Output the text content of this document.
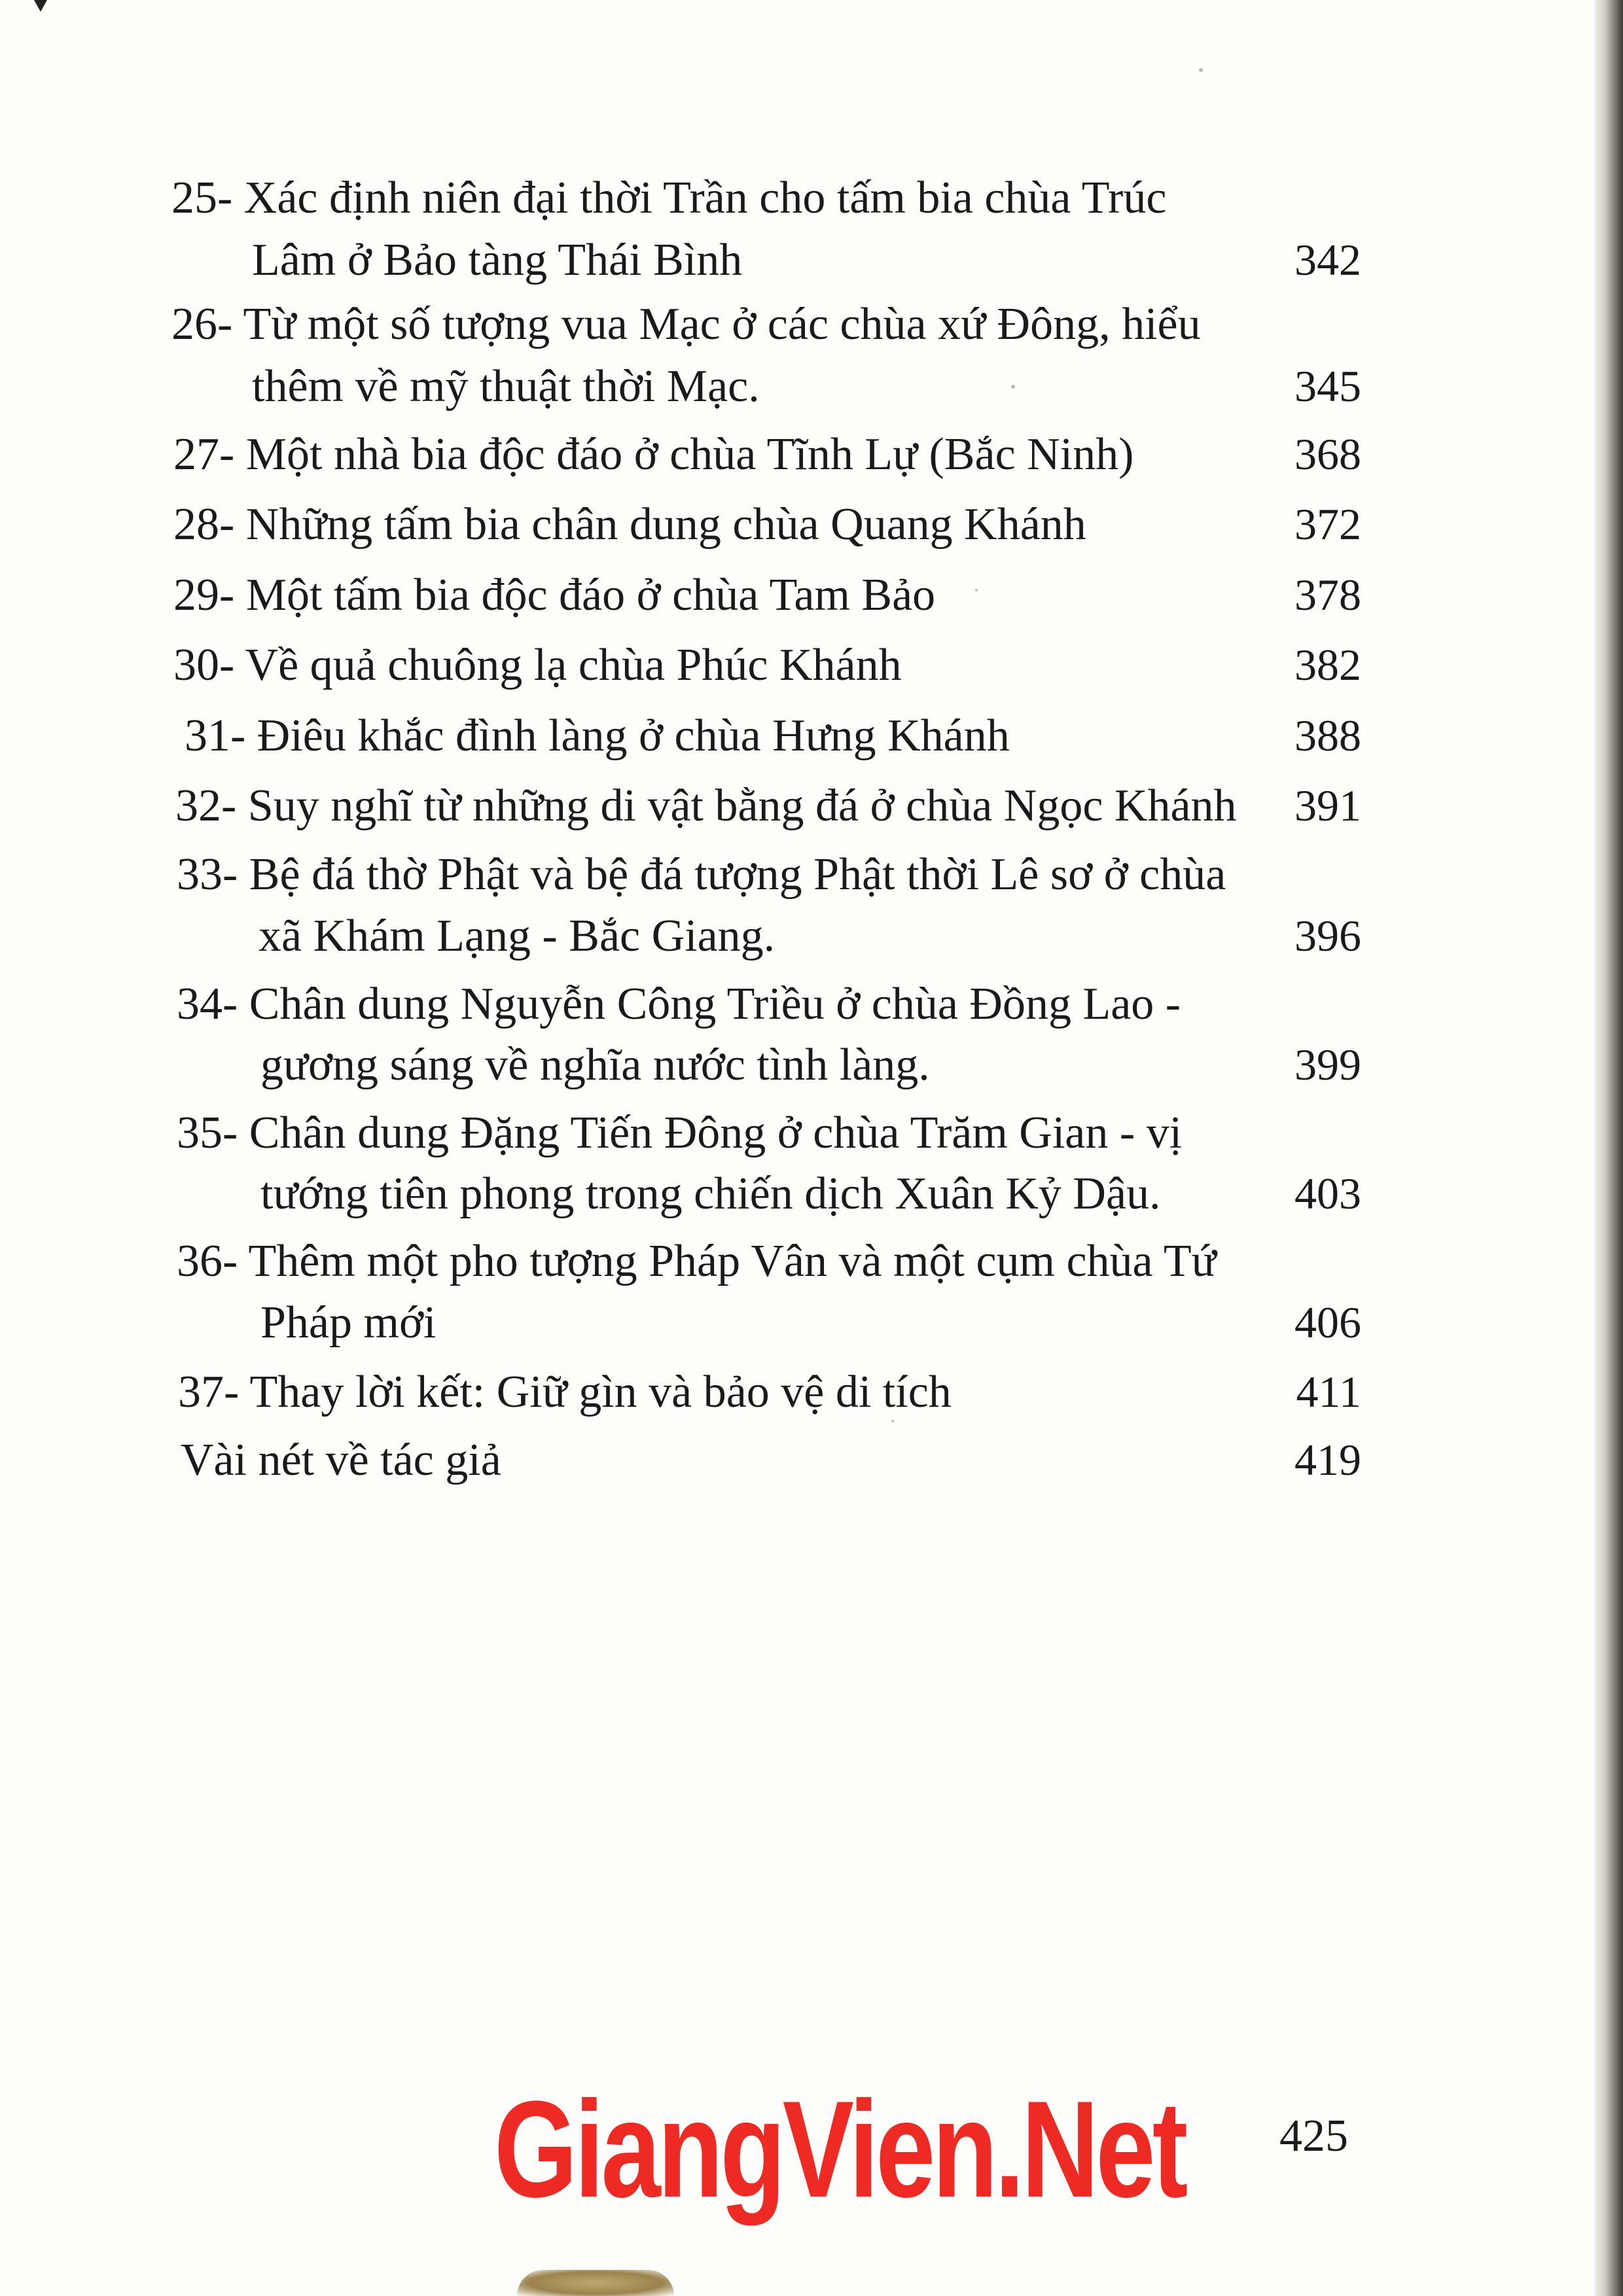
25- Xác định niên đại thời Trần cho tấm bia chùa Trúc
Lâm ở Bảo tàng Thái Bình	342
26- Từ một số tượng vua Mạc ở các chùa xứ Đông, hiểu
thêm về mỹ thuật thời Mạc.	345
27- Một nhà bia độc đáo ở chùa Tĩnh Lự (Bắc Ninh)	368
28- Những tấm bia chân dung chùa Quang Khánh	372
29- Một tấm bia độc đáo ở chùa Tam Bảo	378
30- Về quả chuông lạ chùa Phúc Khánh	382
31- Điêu khắc đình làng ở chùa Hưng Khánh	388
32- Suy nghĩ từ những di vật bằng đá ở chùa Ngọc Khánh 391
33- Bệ đá thờ Phật và bệ đá tượng Phật thời Lê sơ ở chùa
xã Khám Lạng - Bắc Giang.	396
34- Chân dung Nguyễn Công Triều ở chùa Đồng Lao -
gương sáng về nghĩa nước tình làng.	399
35- Chân dung Đặng Tiến Đông ở chùa Trăm Gian - vị
tướng tiên phong trong chiến dịch Xuân Kỷ Dậu.	403
36- Thêm một pho tượng Pháp Vân và một cụm chùa Tứ
Pháp mới	406
37- Thay lời kết: Giữ gìn và bảo vệ di tích	411
Vài nét về tác giả	419
GiangVien.Net 425
